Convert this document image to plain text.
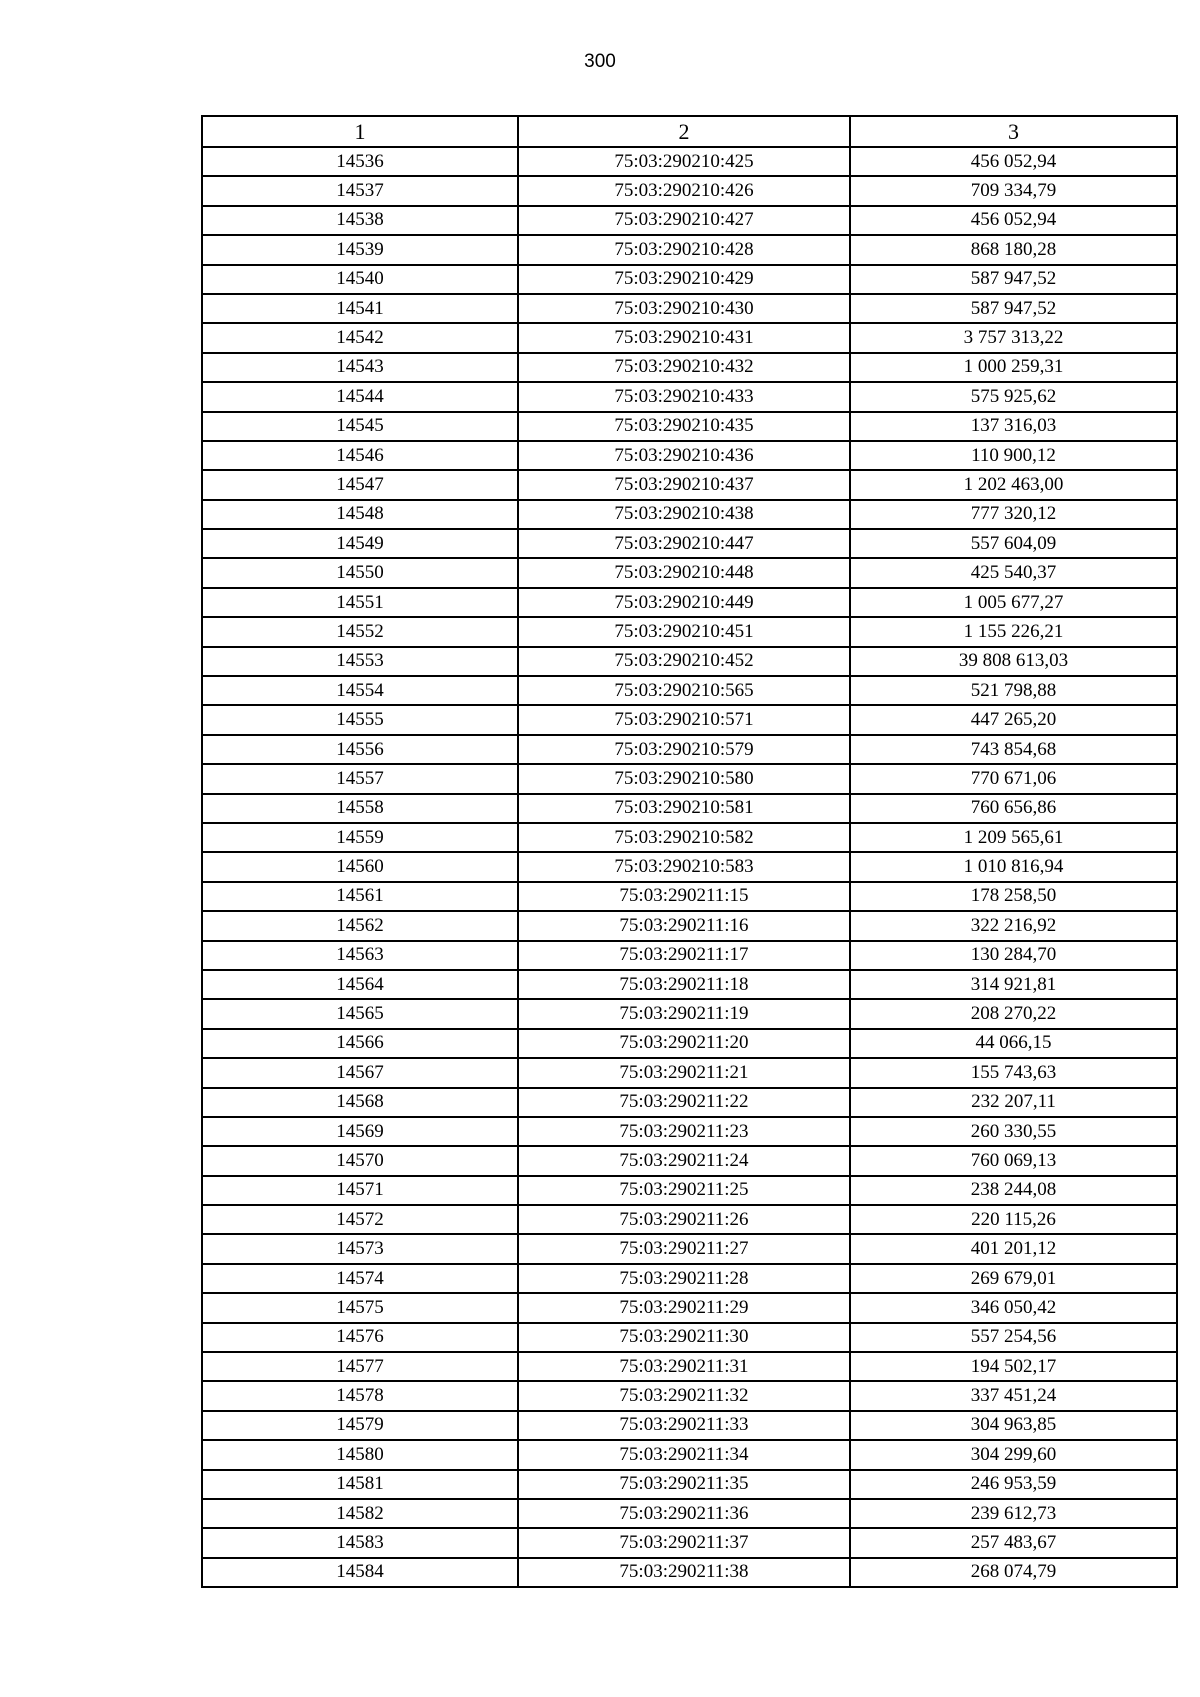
300
1	2	3
14536	75:03:290210:425	456 052,94
14537	75:03:290210:426	709 334,79
14538	75:03:290210:427	456 052,94
14539	75:03:290210:428	868 180,28
14540	75:03:290210:429	587 947,52
14541	75:03:290210:430	587 947,52
14542	75:03:290210:431	3 757 313,22
14543	75:03:290210:432	1 000 259,31
14544	75:03:290210:433	575 925,62
14545	75:03:290210:435	137 316,03
14546	75:03:290210:436	110 900,12
14547	75:03:290210:437	1 202 463,00
14548	75:03:290210:438	777 320,12
14549	75:03:290210:447	557 604,09
14550	75:03:290210:448	425 540,37
14551	75:03:290210:449	1 005 677,27
14552	75:03:290210:451	1 155 226,21
14553	75:03:290210:452	39 808 613,03
14554	75:03:290210:565	521 798,88
14555	75:03:290210:571	447 265,20
14556	75:03:290210:579	743 854,68
14557	75:03:290210:580	770 671,06
14558	75:03:290210:581	760 656,86
14559	75:03:290210:582	1 209 565,61
14560	75:03:290210:583	1 010 816,94
14561	75:03:290211:15	178 258,50
14562	75:03:290211:16	322 216,92
14563	75:03:290211:17	130 284,70
14564	75:03:290211:18	314 921,81
14565	75:03:290211:19	208 270,22
14566	75:03:290211:20	44 066,15
14567	75:03:290211:21	155 743,63
14568	75:03:290211:22	232 207,11
14569	75:03:290211:23	260 330,55
14570	75:03:290211:24	760 069,13
14571	75:03:290211:25	238 244,08
14572	75:03:290211:26	220 115,26
14573	75:03:290211:27	401 201,12
14574	75:03:290211:28	269 679,01
14575	75:03:290211:29	346 050,42
14576	75:03:290211:30	557 254,56
14577	75:03:290211:31	194 502,17
14578	75:03:290211:32	337 451,24
14579	75:03:290211:33	304 963,85
14580	75:03:290211:34	304 299,60
14581	75:03:290211:35	246 953,59
14582	75:03:290211:36	239 612,73
14583	75:03:290211:37	257 483,67
14584	75:03:290211:38	268 074,79
